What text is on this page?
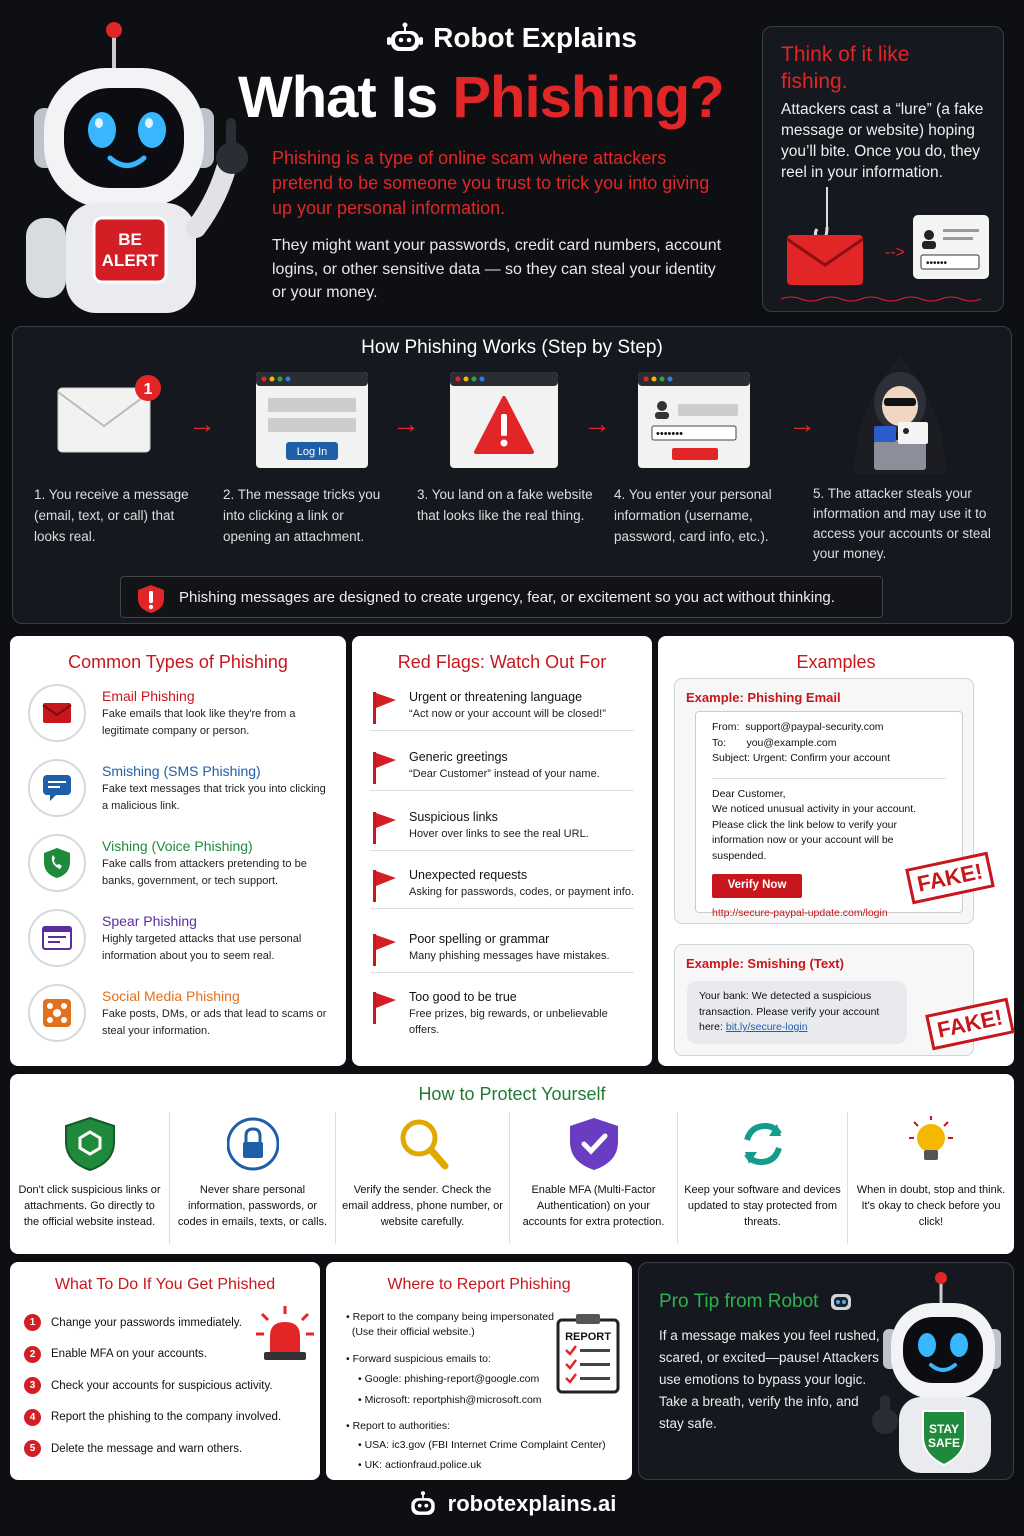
Robot Explains
BE
ALERT
What Is Phishing?
Phishing is a type of online scam where attackers pretend to be someone you trust to trick you into giving up your personal information.
They might want your passwords, credit card numbers, account logins, or other sensitive data — so they can steal your identity or your money.
Think of it like fishing.
Attackers cast a “lure” (a fake message or website) hoping you’ll bite. Once you do, they reel in your information.
-->
••••••
How Phishing Works (Step by Step)
1
→
Log In
→	→	•••••••	→
1. You receive a message (email, text, or call) that looks real.
2. The message tricks you into clicking a link or opening an attachment.
3. You land on a fake website that looks like the real thing.
4. You enter your personal information (username, password, card info, etc.).
5. The attacker steals your information and may use it to access your accounts or steal your money.
Phishing messages are designed to create urgency, fear, or excitement so you act without thinking.
Common Types of Phishing
Email Phishing
Fake emails that look like they're from a legitimate company or person.
Smishing (SMS Phishing)
Fake text messages that trick you into clicking a malicious link.
Vishing (Voice Phishing)
Fake calls from attackers pretending to be banks, government, or tech support.
Spear Phishing
Highly targeted attacks that use personal information about you to seem real.
Social Media Phishing
Fake posts, DMs, or ads that lead to scams or steal your information.
Red Flags: Watch Out For
Urgent or threatening language
“Act now or your account will be closed!”
Generic greetings
“Dear Customer” instead of your name.
Suspicious links
Hover over links to see the real URL.
Unexpected requests
Asking for passwords, codes, or payment info.
Poor spelling or grammar
Many phishing messages have mistakes.
Too good to be true
Free prizes, big rewards, or unbelievable offers.
Examples
Example: Phishing Email
From: support@paypal-security.com
To: you@example.com
Subject: Urgent: Confirm your account
Dear Customer,
We noticed unusual activity in your account. Please click the link below to verify your information now or your account will be suspended.
Verify Now
http://secure-paypal-update.com/login
FAKE!
Example: Smishing (Text)
Your bank: We detected a suspicious transaction. Please verify your account here: bit.ly/secure-login	FAKE!
How to Protect Yourself
Don't click suspicious links or attachments. Go directly to the official website instead.
Never share personal information, passwords, or codes in emails, texts, or calls.
Verify the sender. Check the email address, phone number, or website carefully.
Enable MFA (Multi-Factor Authentication) on your accounts for extra protection.
Keep your software and devices updated to stay protected from threats.
When in doubt, stop and think. It's okay to check before you click!
What To Do If You Get Phished
1	Change your passwords immediately.
2	Enable MFA on your accounts.
3	Check your accounts for suspicious activity.
4	Report the phishing to the company involved.
5	Delete the message and warn others.
Where to Report Phishing
• Report to the company being impersonated
(Use their official website.)
• Forward suspicious emails to:
• Google: phishing-report@google.com
• Microsoft: reportphish@microsoft.com
• Report to authorities:
• USA: ic3.gov (FBI Internet Crime Complaint Center)
• UK: actionfraud.police.uk
REPORT
Pro Tip from Robot
If a message makes you feel rushed, scared, or excited—pause! Attackers use emotions to bypass your logic. Take a breath, verify the info, and stay safe.	STAY
SAFE
robotexplains.ai
